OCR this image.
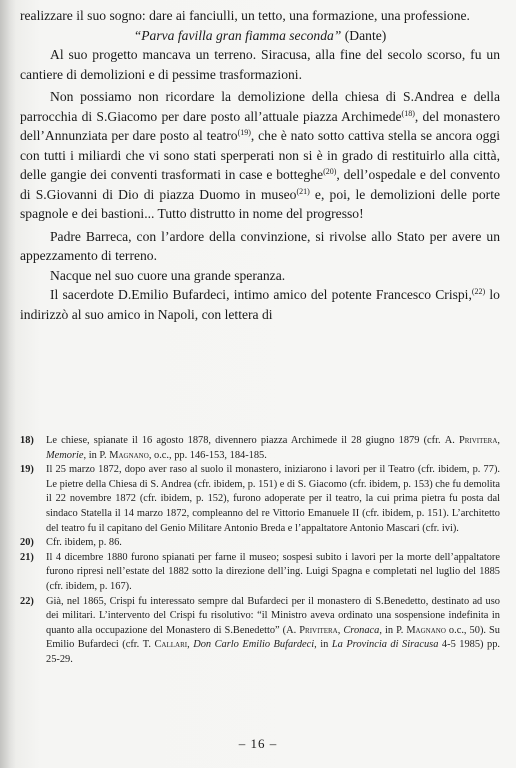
realizzare il suo sogno: dare ai fanciulli, un tetto, una formazione, una professione.

“Parva favilla gran fiamma seconda” (Dante)

Al suo progetto mancava un terreno. Siracusa, alla fine del secolo scorso, fu un cantiere di demolizioni e di pessime trasformazioni.

Non possiamo non ricordare la demolizione della chiesa di S.Andrea e della parrocchia di S.Giacomo per dare posto all’attuale piazza Archimede$^{(18)}$, del monastero dell’Annunziata per dare posto al teatro$^{(19)}$, che è nato sotto cattiva stella se ancora oggi con tutti i miliardi che vi sono stati sperperati non si è in grado di restituirlo alla città, delle gangie dei conventi trasformati in case e botteghe$^{(20)}$, dell’ospedale e del convento di S.Giovanni di Dio di piazza Duomo in museo$^{(21)}$ e, poi, le demolizioni delle porte spagnole e dei bastioni... Tutto distrutto in nome del progresso!

Padre Barreca, con l’ardore della convinzione, si rivolse allo Stato per avere un appezzamento di terreno.

Nacque nel suo cuore una grande speranza.

Il sacerdote D.Emilio Bufardeci, intimo amico del potente Francesco Crispi,$^{(22)}$ lo indirizzò al suo amico in Napoli, con lettera di

18)	Le chiese, spianate il 16 agosto 1878, divennero piazza Archimede il 28 giugno 1879 (cfr. A. Privitera, Memorie, in P. Magnano, o.c., pp. 146-153, 184-185.
19)	Il 25 marzo 1872, dopo aver raso al suolo il monastero, iniziarono i lavori per il Teatro (cfr. ibidem, p. 77). Le pietre della Chiesa di S. Andrea (cfr. ibidem, p. 151) e di S. Giacomo (cfr. ibidem, p. 153) che fu demolita il 22 novembre 1872 (cfr. ibidem, p. 152), furono adoperate per il teatro, la cui prima pietra fu posta dal sindaco Statella il 14 marzo 1872, compleanno del re Vittorio Emanuele II (cfr. ibidem, p. 151). L’architetto del teatro fu il capitano del Genio Militare Antonio Breda e l’appaltatore Antonio Mascari (cfr. ivi).
20)	Cfr. ibidem, p. 86.
21)	Il 4 dicembre 1880 furono spianati per farne il museo; sospesi subito i lavori per la morte dell’appaltatore furono ripresi nell’estate del 1882 sotto la direzione dell’ing. Luigi Spagna e completati nel luglio del 1885 (cfr. ibidem, p. 167).
22)	Già, nel 1865, Crispi fu interessato sempre dal Bufardeci per il monastero di S.Benedetto, destinato ad uso dei militari. L’intervento del Crispi fu risolutivo: “il Ministro aveva ordinato una sospensione indefinita in quanto alla occupazione del Monastero di S.Benedetto” (A. Privitera, Cronaca, in P. Magnano o.c., 50). Su Emilio Bufardeci (cfr. T. Callari, Don Carlo Emilio Bufardeci, in La Provincia di Siracusa 4-5 1985) pp. 25-29.
– 16 –
